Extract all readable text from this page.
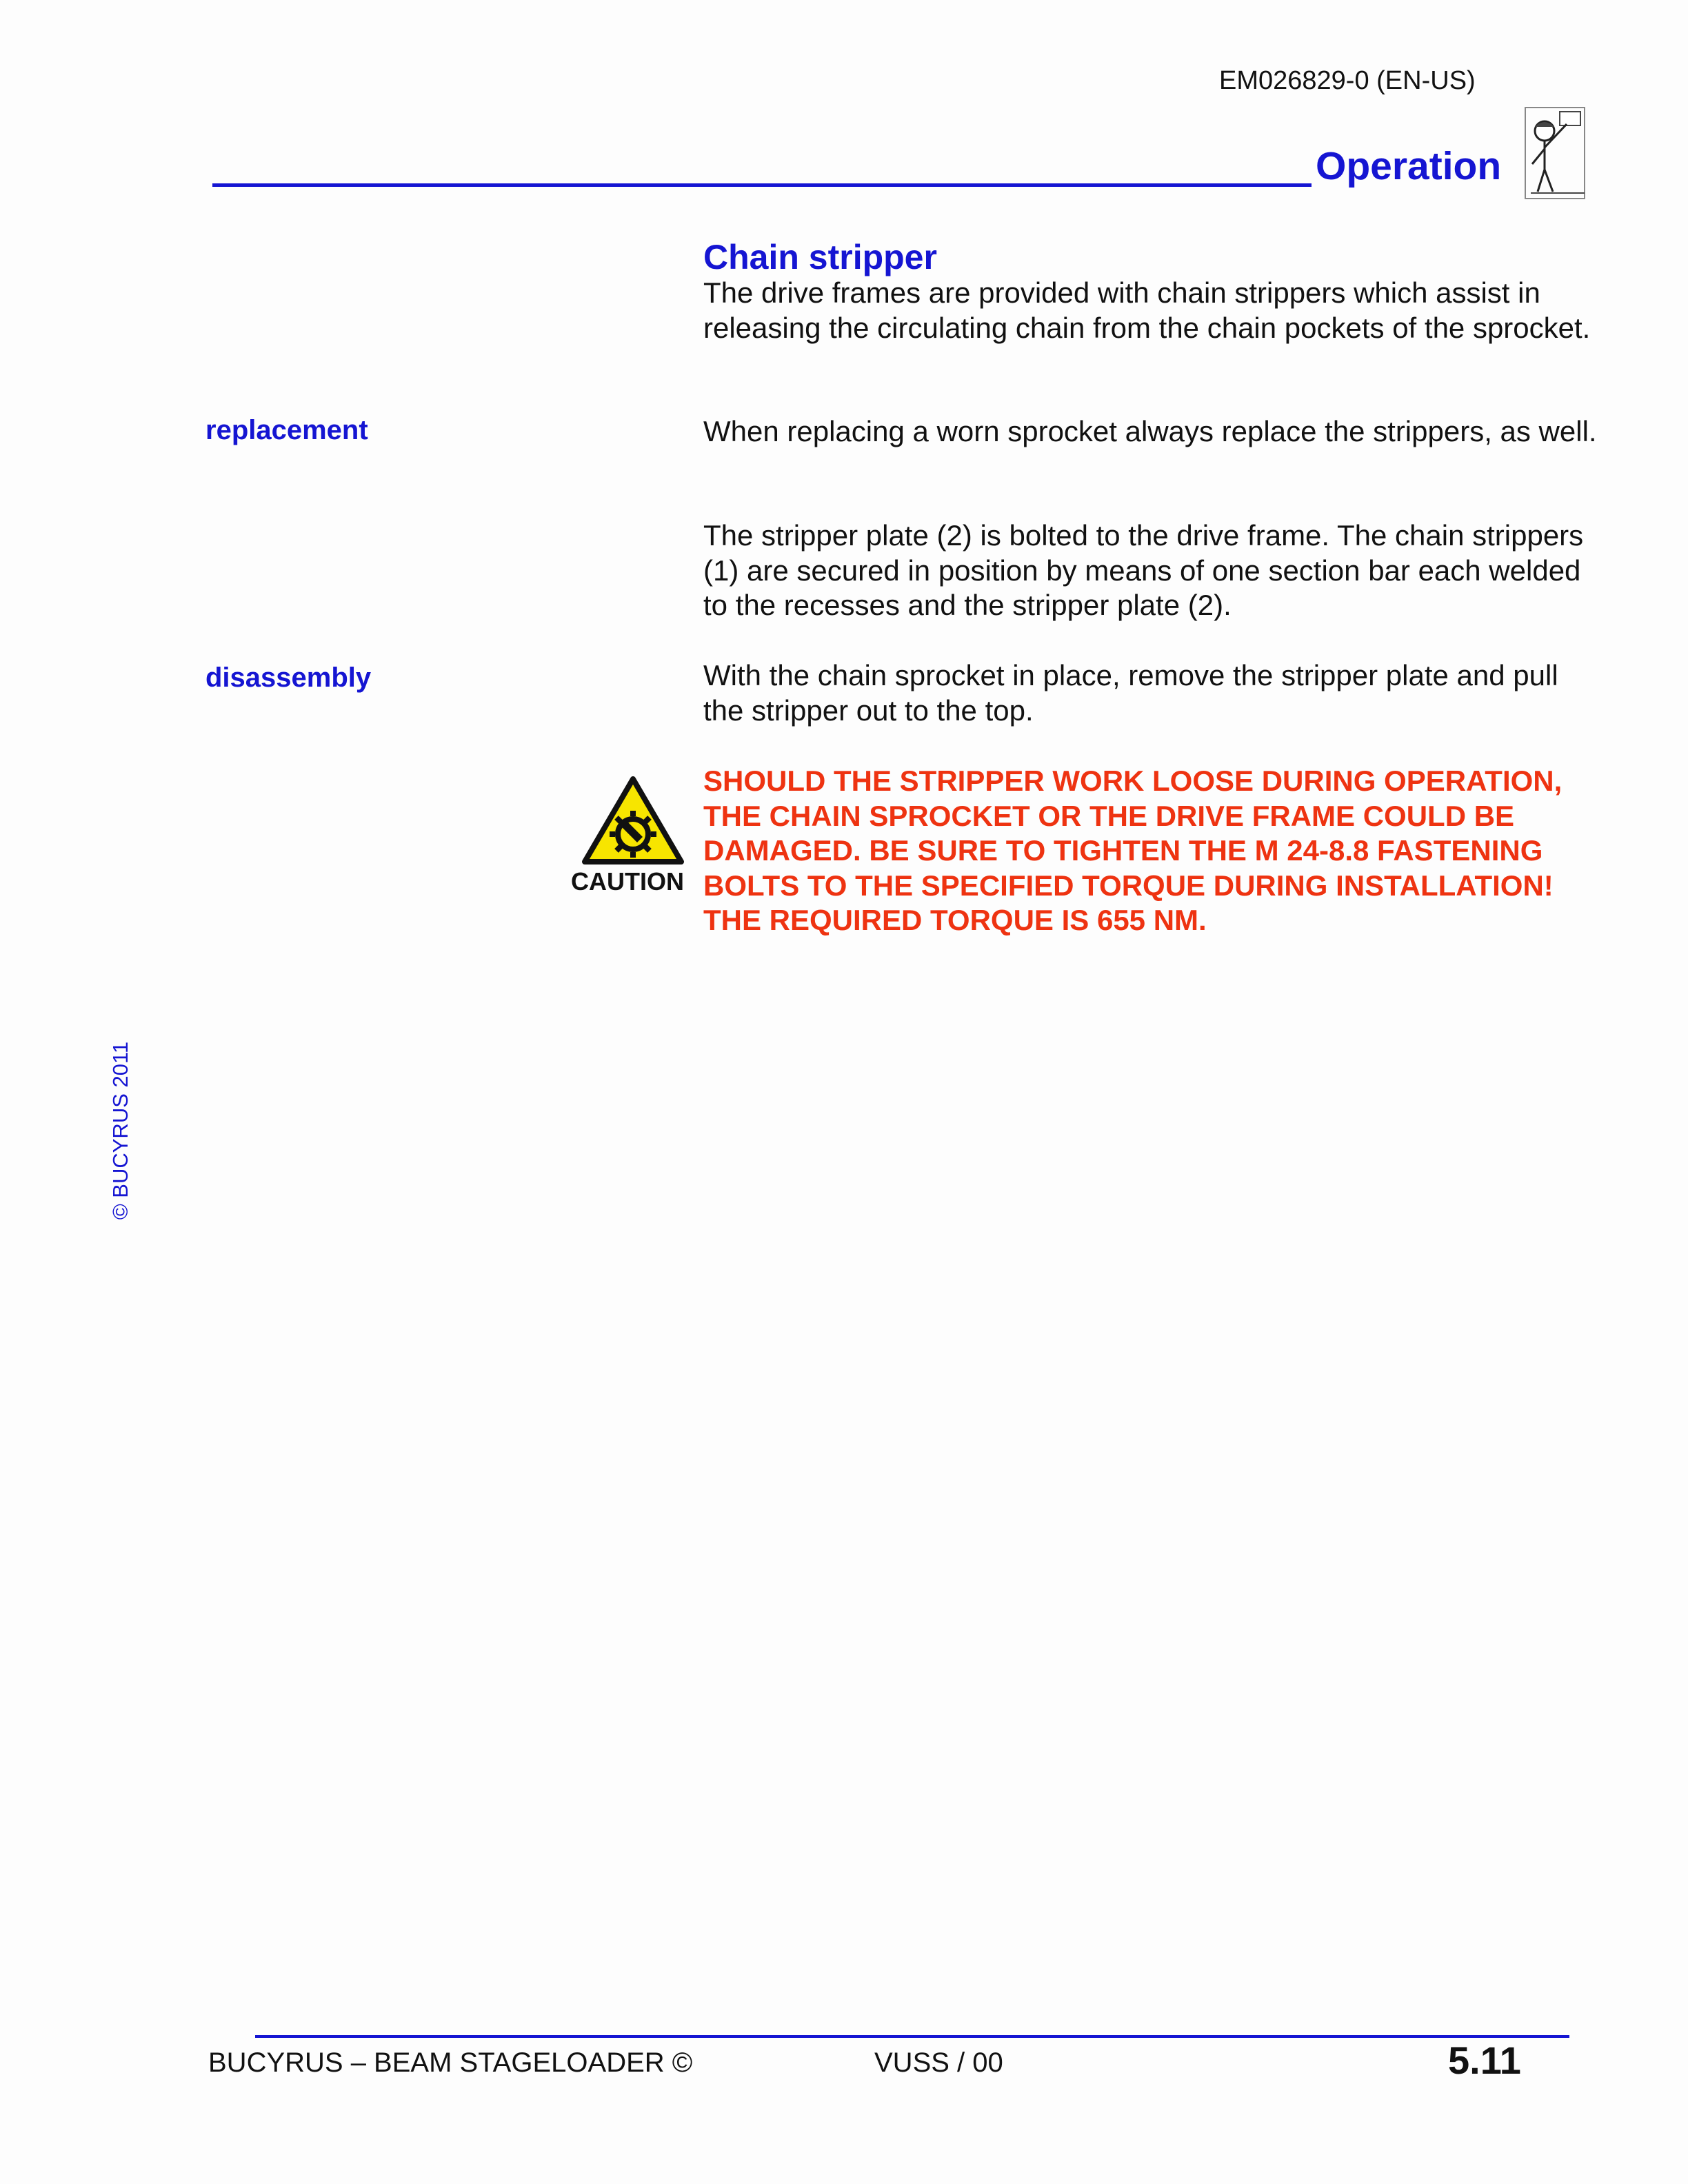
EM026829-0 (EN-US)
Operation
Chain stripper

The drive frames are provided with chain strippers which assist in releasing the circulating chain from the chain pockets of the sprocket.

replacement	When replacing a worn sprocket always replace the strippers, as well.

The stripper plate (2) is bolted to the drive frame. The chain strippers (1) are secured in position by means of one section bar each welded to the recesses and the stripper plate (2).

disassembly	With the chain sprocket in place, remove the stripper plate and pull the stripper out to the top.

CAUTION

SHOULD THE STRIPPER WORK LOOSE DURING OPERATION, THE CHAIN SPROCKET OR THE DRIVE FRAME COULD BE DAMAGED. BE SURE TO TIGHTEN THE M 24-8.8 FASTENING BOLTS TO THE SPECIFIED TORQUE DURING INSTALLATION! THE REQUIRED TORQUE IS 655 NM.

© BUCYRUS 2011
BUCYRUS – BEAM STAGELOADER ©	VUSS / 00	5.11
